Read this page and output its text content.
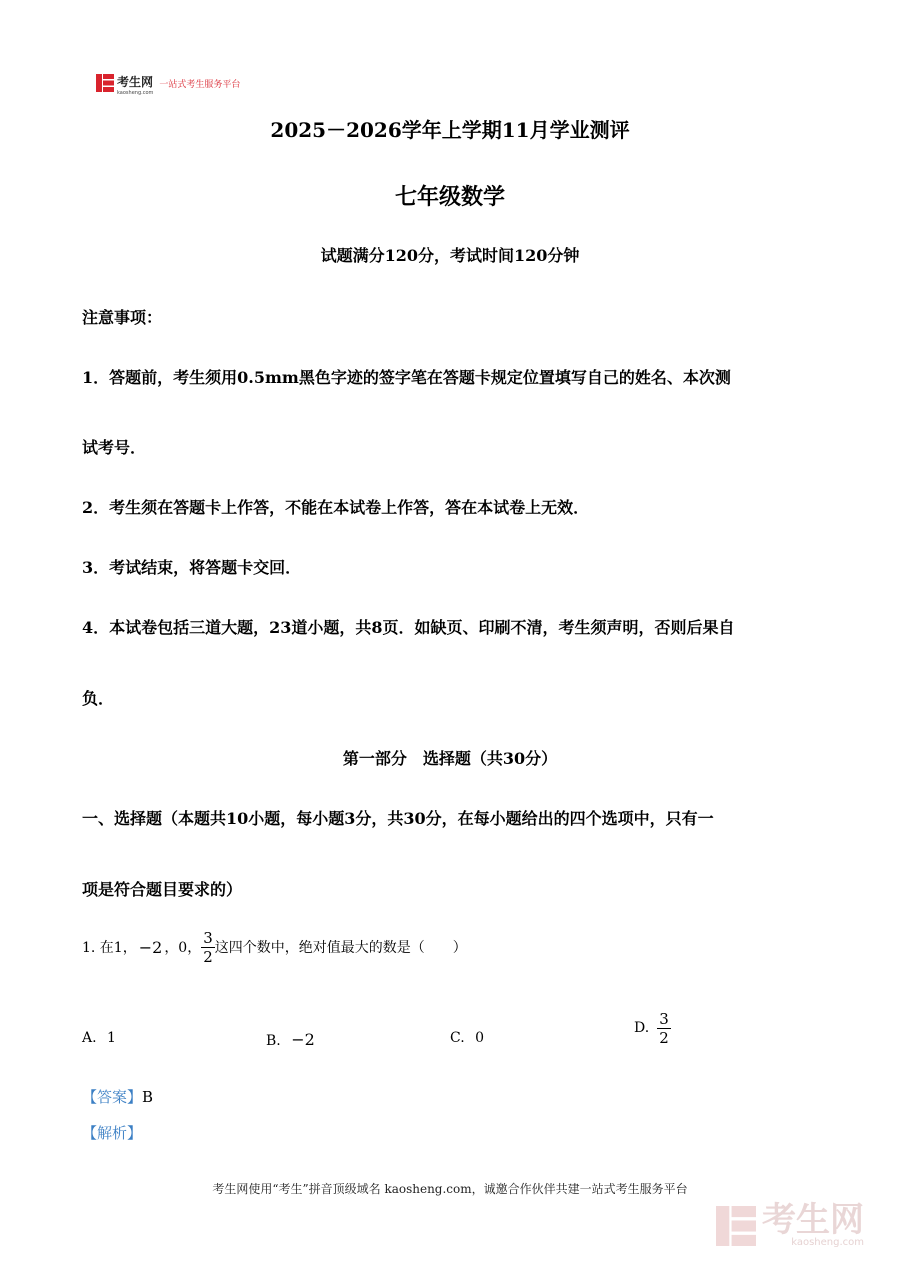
考生网
kaosheng.com
一站式考生服务平台
2025－2026学年上学期11月学业测评
七年级数学
试题满分120分，考试时间120分钟
注意事项：
1．答题前，考生须用0.5mm黑色字迹的签字笔在答题卡规定位置填写自己的姓名、本次测
试考号．
2．考生须在答题卡上作答，不能在本试卷上作答，答在本试卷上无效．
3．考试结束，将答题卡交回．
4．本试卷包括三道大题，23道小题，共8页．如缺页、印刷不清，考生须声明，否则后果自
负．
第一部分　选择题（共30分）
一、选择题（本题共10小题，每小题3分，共30分，在每小题给出的四个选项中，只有一
项是符合题目要求的）
1. 在1， −2 ，0， $\frac{3}{2}$ 这四个数中，绝对值最大的数是（　　）
A. 1	B. −2	C. 0
D. $\frac{3}{2}$
【答案】B
【解析】
考生网使用“考生”拼音顶级域名 kaosheng.com，诚邀合作伙伴共建一站式考生服务平台
考生网
kaosheng.com
